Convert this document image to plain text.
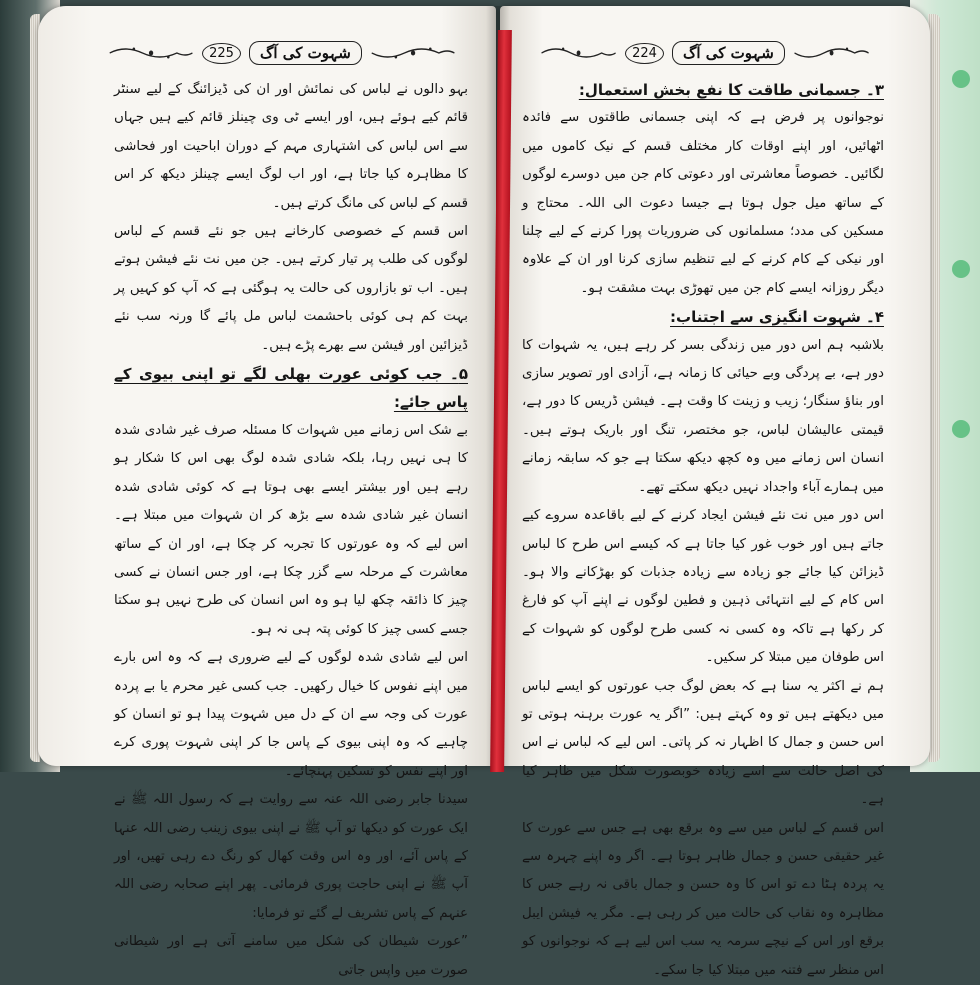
225	شہوت کی آگ

بہو دالوں نے لباس کی نمائش اور ان کی ڈیزائنگ کے لیے سنٹر قائم کیے ہوئے ہیں، اور ایسے ٹی وی چینلز قائم کیے ہیں جہاں سے اس لباس کی اشتہاری مہم کے دوران اباحیت اور فحاشی کا مظاہرہ کیا جاتا ہے، اور اب لوگ ایسے چینلز دیکھ کر اس قسم کے لباس کی مانگ کرتے ہیں۔

اس قسم کے خصوصی کارخانے ہیں جو نئے قسم کے لباس لوگوں کی طلب پر تیار کرتے ہیں۔ جن میں نت نئے فیشن ہوتے ہیں۔ اب تو بازاروں کی حالت یہ ہوگئی ہے کہ آپ کو کہیں پر بہت کم ہی کوئی باحشمت لباس مل پائے گا ورنہ سب نئے ڈیزائین اور فیشن سے بھرے پڑے ہیں۔

۵۔ جب کوئی عورت بھلی لگے تو اپنی بیوی کے پاس جائے:

بے شک اس زمانے میں شہوات کا مسئلہ صرف غیر شادی شدہ کا ہی نہیں رہا، بلکہ شادی شدہ لوگ بھی اس کا شکار ہو رہے ہیں اور بیشتر ایسے بھی ہوتا ہے کہ کوئی شادی شدہ انسان غیر شادی شدہ سے بڑھ کر ان شہوات میں مبتلا ہے۔ اس لیے کہ وہ عورتوں کا تجربہ کر چکا ہے، اور ان کے ساتھ معاشرت کے مرحلہ سے گزر چکا ہے، اور جس انسان نے کسی چیز کا ذائقہ چکھ لیا ہو وہ اس انسان کی طرح نہیں ہو سکتا جسے کسی چیز کا کوئی پتہ ہی نہ ہو۔

اس لیے شادی شدہ لوگوں کے لیے ضروری ہے کہ وہ اس بارے میں اپنے نفوس کا خیال رکھیں۔ جب کسی غیر محرم یا بے پردہ عورت کی وجہ سے ان کے دل میں شہوت پیدا ہو تو انسان کو چاہیے کہ وہ اپنی بیوی کے پاس جا کر اپنی شہوت پوری کرے اور اپنے نفس کو تسکین پہنچائے۔

سیدنا جابر رضی اللہ عنہ سے روایت ہے کہ رسول اللہ ﷺ نے ایک عورت کو دیکھا تو آپ ﷺ نے اپنی بیوی زینب رضی اللہ عنہا کے پاس آئے، اور وہ اس وقت کھال کو رنگ دے رہی تھیں، اور آپ ﷺ نے اپنی حاجت پوری فرمائی۔ پھر اپنے صحابہ رضی اللہ عنہم کے پاس تشریف لے گئے تو فرمایا:

”عورت شیطان کی شکل میں سامنے آتی ہے اور شیطانی صورت میں واپس جاتی

224	شہوت کی آگ

۳۔ جسمانی طاقت کا نفع بخش استعمال:

نوجوانوں پر فرض ہے کہ اپنی جسمانی طاقتوں سے فائدہ اٹھائیں، اور اپنے اوقات کار مختلف قسم کے نیک کاموں میں لگائیں۔ خصوصاً معاشرتی اور دعوتی کام جن میں دوسرے لوگوں کے ساتھ میل جول ہوتا ہے جیسا دعوت الی اللہ۔ محتاج و مسکین کی مدد؛ مسلمانوں کی ضروریات پورا کرنے کے لیے چلنا اور نیکی کے کام کرنے کے لیے تنظیم سازی کرنا اور ان کے علاوہ دیگر روزانہ ایسے کام جن میں تھوڑی بہت مشقت ہو۔

۴۔ شہوت انگیزی سے اجتناب:

بلاشبہ ہم اس دور میں زندگی بسر کر رہے ہیں، یہ شہوات کا دور ہے، بے پردگی وبے حیائی کا زمانہ ہے، آزادی اور تصویر سازی اور بناؤ سنگار؛ زیب و زینت کا وقت ہے۔ فیشن ڈریس کا دور ہے، قیمتی عالیشان لباس، جو مختصر، تنگ اور باریک ہوتے ہیں۔ انسان اس زمانے میں وہ کچھ دیکھ سکتا ہے جو کہ سابقہ زمانے میں ہمارے آباء واجداد نہیں دیکھ سکتے تھے۔

اس دور میں نت نئے فیشن ایجاد کرنے کے لیے باقاعدہ سروے کیے جاتے ہیں اور خوب غور کیا جاتا ہے کہ کیسے اس طرح کا لباس ڈیزائن کیا جائے جو زیادہ سے زیادہ جذبات کو بھڑکانے والا ہو۔ اس کام کے لیے انتہائی ذہین و فطین لوگوں نے اپنے آپ کو فارغ کر رکھا ہے تاکہ وہ کسی نہ کسی طرح لوگوں کو شہوات کے اس طوفان میں مبتلا کر سکیں۔

ہم نے اکثر یہ سنا ہے کہ بعض لوگ جب عورتوں کو ایسے لباس میں دیکھتے ہیں تو وہ کہتے ہیں: ”اگر یہ عورت برہنہ ہوتی تو اس حسن و جمال کا اظہار نہ کر پاتی۔ اس لیے کہ لباس نے اس کی اصل حالت سے اسے زیادہ خوبصورت شکل میں ظاہر کیا ہے۔

اس قسم کے لباس میں سے وہ برقع بھی ہے جس سے عورت کا غیر حقیقی حسن و جمال ظاہر ہوتا ہے۔ اگر وہ اپنے چہرہ سے یہ پردہ ہٹا دے تو اس کا وہ حسن و جمال باقی نہ رہے جس کا مظاہرہ وہ نقاب کی حالت میں کر رہی ہے۔ مگر یہ فیشن ایبل برقع اور اس کے نیچے سرمہ یہ سب اس لیے ہے کہ نوجوانوں کو اس منظر سے فتنہ میں مبتلا کیا جا سکے۔
